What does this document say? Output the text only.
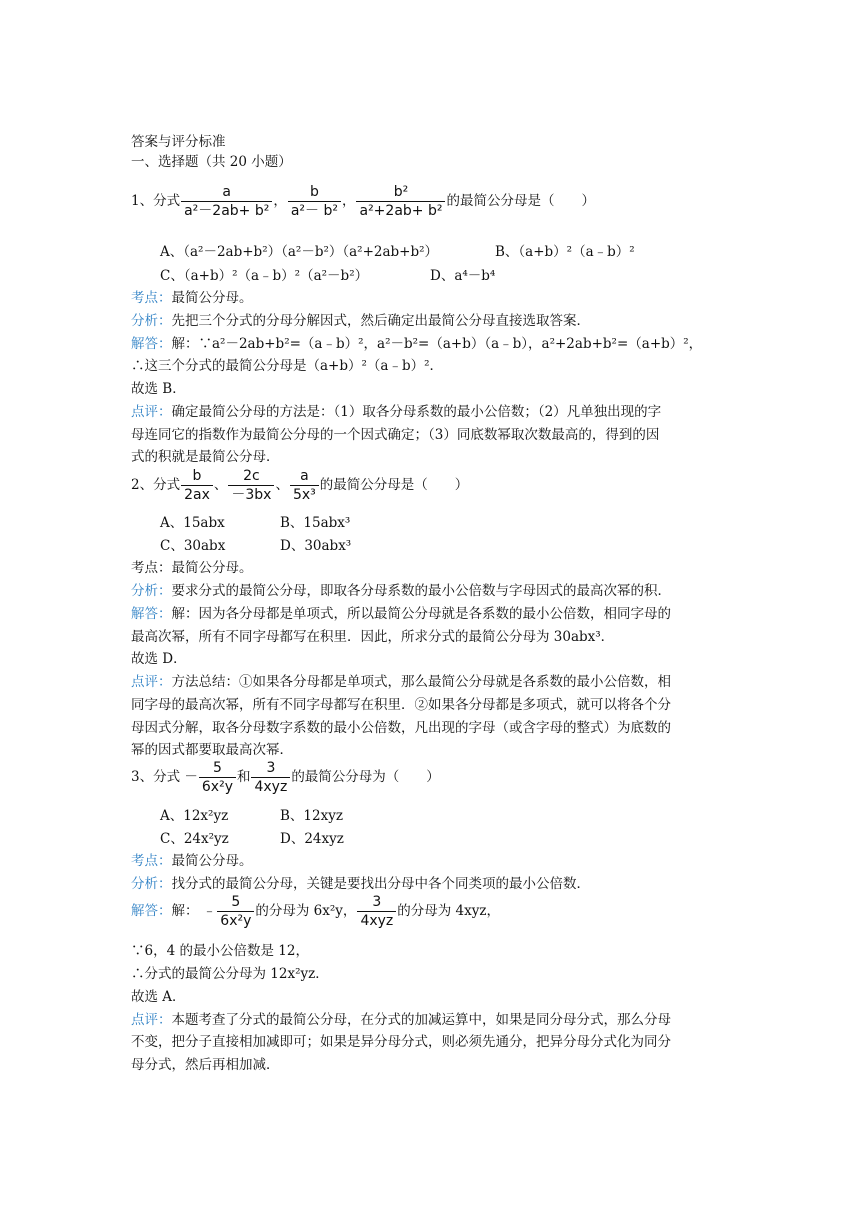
答案与评分标准
一、选择题（共 20 小题）
1、分式 $\frac{a}{\text{a²－2ab+ b²}}$ ， $\frac{b}{\text{a²－ b²}}$ ， $\frac{\text{b²}}{\text{a²+2ab+ b²}}$ 的最简公分母是（　　）
A、（a²－2ab+b²）（a²－b²）（a²+2ab+b²）	B、（a+b）²（a﹣b）²
C、（a+b）²（a﹣b）²（a²－b²）	D、a⁴－b⁴
考点：最简公分母。
分析：先把三个分式的分母分解因式，然后确定出最简公分母直接选取答案．
解答：解：∵a²－2ab+b²=（a﹣b）²，a²－b²=（a+b）（a﹣b），a²+2ab+b²=（a+b）²，
∴这三个分式的最简公分母是（a+b）²（a﹣b）²．
故选 B．
点评：确定最简公分母的方法是：（1）取各分母系数的最小公倍数；（2）凡单独出现的字
母连同它的指数作为最简公分母的一个因式确定；（3）同底数幂取次数最高的，得到的因
式的积就是最简公分母．
2、分式 $\frac{b}{2ax}$ 、 $\frac{2c}{-3bx}$ 、 $\frac{a}{\text{5x³}}$ 的最简公分母是（　　）
A、15abx	B、15abx³
C、30abx	D、30abx³
考点：最简公分母。
分析：要求分式的最简公分母，即取各分母系数的最小公倍数与字母因式的最高次幂的积．
解答：解：因为各分母都是单项式，所以最简公分母就是各系数的最小公倍数，相同字母的
最高次幂，所有不同字母都写在积里．因此，所求分式的最简公分母为 30abx³．
故选 D．
点评：方法总结：①如果各分母都是单项式，那么最简公分母就是各系数的最小公倍数，相
同字母的最高次幂，所有不同字母都写在积里．②如果各分母都是多项式，就可以将各个分
母因式分解，取各分母数字系数的最小公倍数，凡出现的字母（或含字母的整式）为底数的
幂的因式都要取最高次幂．
3、分式 － $\frac{5}{\text{6x²y}}$ 和 $\frac{3}{\text{4xyz}}$ 的最简公分母为（　　）
A、12x²yz	B、12xyz
C、24x²yz	D、24xyz
考点：最简公分母。
分析：找分式的最简公分母，关键是要找出分母中各个同类项的最小公倍数．
解答：解： ﹣ $\frac{5}{\text{6x²y}}$ 的分母为 6x²y， $\frac{3}{\text{4xyz}}$ 的分母为 4xyz，
∵6，4 的最小公倍数是 12，
∴分式的最简公分母为 12x²yz．
故选 A．
点评：本题考查了分式的最简公分母，在分式的加减运算中，如果是同分母分式，那么分母
不变，把分子直接相加减即可；如果是异分母分式，则必须先通分，把异分母分式化为同分
母分式，然后再相加减．
